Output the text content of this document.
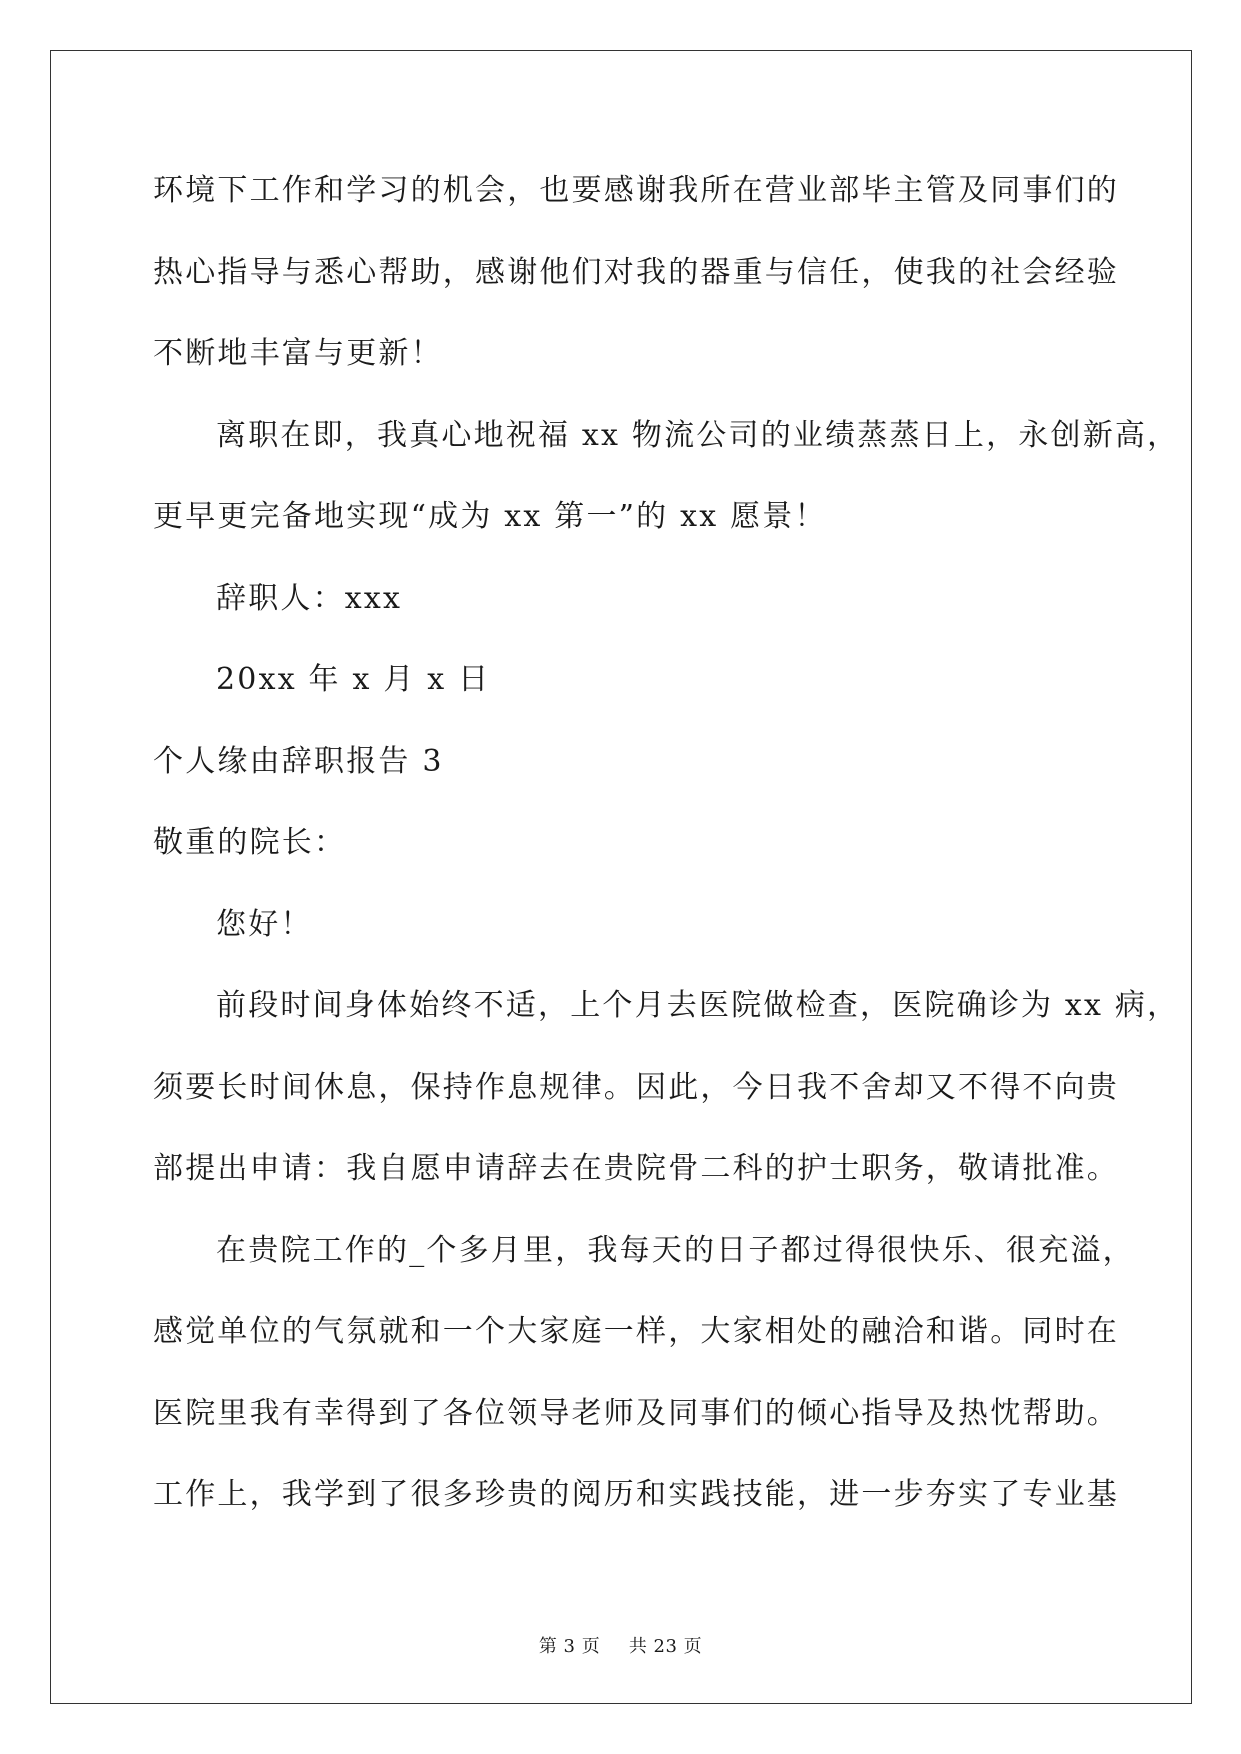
环境下工作和学习的机会，也要感谢我所在营业部毕主管及同事们的
热心指导与悉心帮助，感谢他们对我的器重与信任，使我的社会经验
不断地丰富与更新！
离职在即，我真心地祝福 xx 物流公司的业绩蒸蒸日上，永创新高，
更早更完备地实现“成为 xx 第一”的 xx 愿景！
辞职人：xxx
20xx 年 x 月 x 日
个人缘由辞职报告 3
敬重的院长：
您好！
前段时间身体始终不适，上个月去医院做检查，医院确诊为 xx 病，
须要长时间休息，保持作息规律。因此，今日我不舍却又不得不向贵
部提出申请：我自愿申请辞去在贵院骨二科的护士职务，敬请批准。
在贵院工作的_个多月里，我每天的日子都过得很快乐、很充溢，
感觉单位的气氛就和一个大家庭一样，大家相处的融洽和谐。同时在
医院里我有幸得到了各位领导老师及同事们的倾心指导及热忱帮助。
工作上，我学到了很多珍贵的阅历和实践技能，进一步夯实了专业基
第 3 页 共 23 页
